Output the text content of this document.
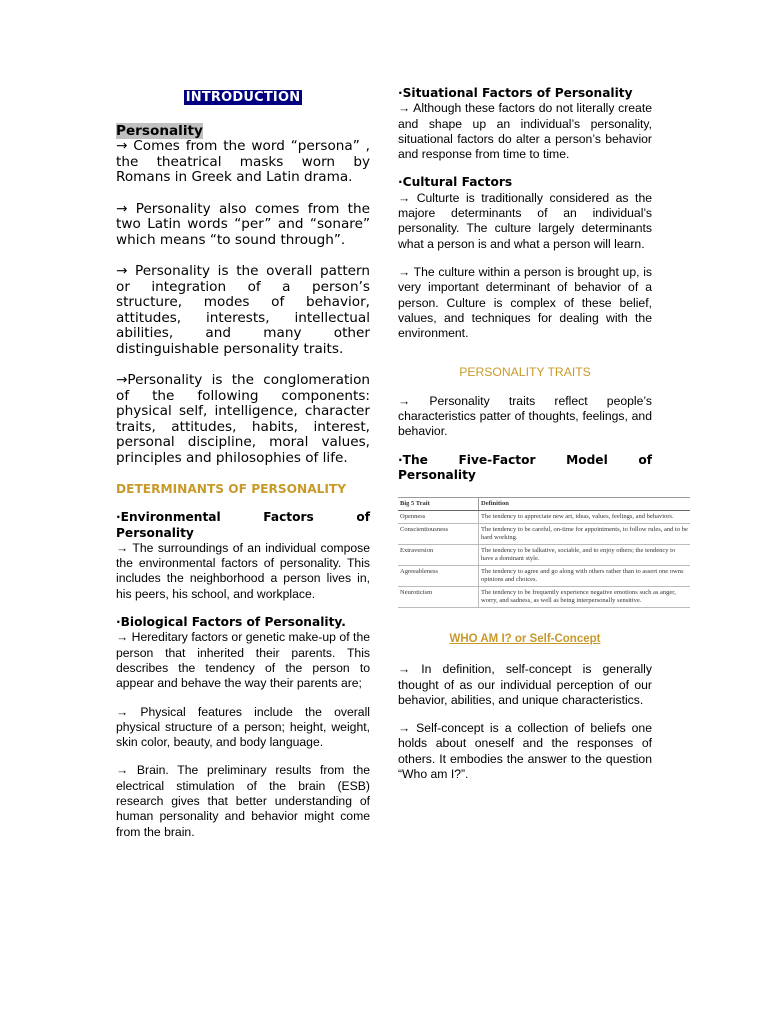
INTRODUCTION
Personality

→ Comes from the word “persona” , the theatrical masks worn by Romans in Greek and Latin drama.

→ Personality also comes from the two Latin words “per” and “sonare” which means “to sound through”.

→ Personality is the overall pattern or integration of a person’s structure, modes of behavior, attitudes, interests, intellectual abilities, and many other distinguishable personality traits.

→Personality is the conglomeration of the following components: physical self, intelligence, character traits, attitudes, habits, interest, personal discipline, moral values, principles and philosophies of life.

DETERMINANTS OF PERSONALITY

·Environmental Factors of Personality

→ The surroundings of an individual compose the environmental factors of personality. This includes the neighborhood a person lives in, his peers, his school, and workplace.

·Biological Factors of Personality.

→ Hereditary factors or genetic make-up of the person that inherited their parents. This describes the tendency of the person to appear and behave the way their parents are;

→ Physical features include the overall physical structure of a person; height, weight, skin color, beauty, and body language.

→ Brain. The preliminary results from the electrical stimulation of the brain (ESB) research gives that better understanding of human personality and behavior might come from the brain.

·Situational Factors of Personality

→ Although these factors do not literally create and shape up an individual’s personality, situational factors do alter a person’s behavior and response from time to time.

·Cultural Factors

→ Culturte is traditionally considered as the majore determinants of an individual’s personality. The culture largely determinants what a person is and what a person will learn.

→ The culture within a person is brought up, is very important determinant of behavior of a person. Culture is complex of these belief, values, and techniques for dealing with the environment.

PERSONALITY TRAITS

→ Personality traits reflect people’s characteristics patter of thoughts, feelings, and behavior.

·The Five-Factor Model of Personality

Big 5 Trait	Definition
Openness	The tendency to appreciate new art, ideas, values, feelings, and behaviors.
Conscientiousness	The tendency to be careful, on-time for appointments, to follow rules, and to be hard working.
Extraversion	The tendency to be talkative, sociable, and to enjoy others; the tendency to have a dominant style.
Agreeableness	The tendency to agree and go along with others rather than to assert one owns opinions and choices.
Neuroticism	The tendency to be frequently experience negative emotions such as anger, worry, and sadness, as well as being interpersonally sensitive.

WHO AM I? or Self-Concept

→ In definition, self-concept is generally thought of as our individual perception of our behavior, abilities, and unique characteristics.

→ Self-concept is a collection of beliefs one holds about oneself and the responses of others. It embodies the answer to the question “Who am I?”.
